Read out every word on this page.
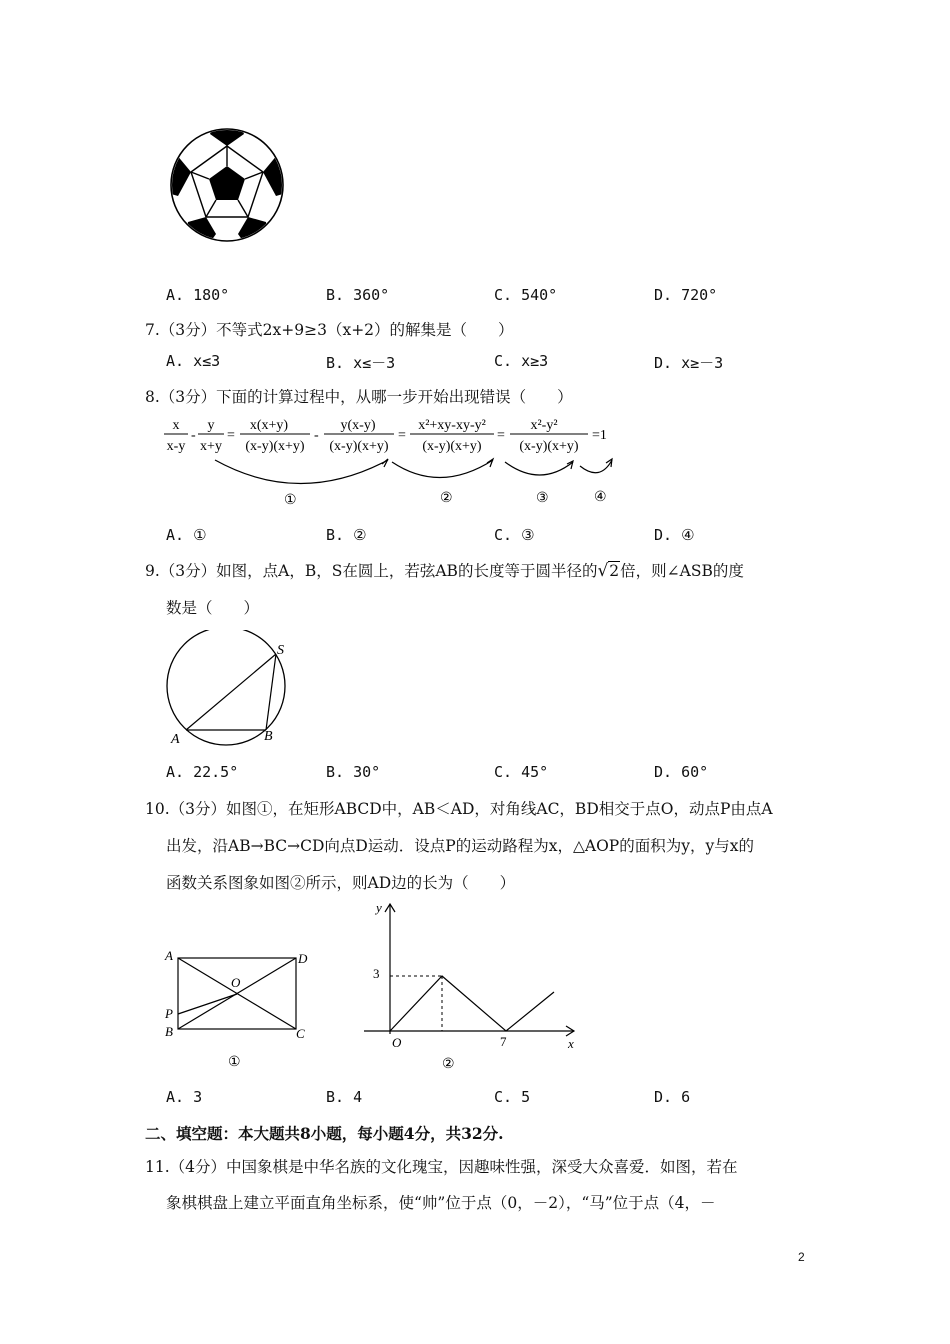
A. 180°	B. 360°	C. 540°	D. 720°
7.（3分）不等式2x+9≥3（x+2）的解集是（　　）
A. x≤3	B. x≤－3	C. x≥3	D. x≥－3
8.（3分）下面的计算过程中，从哪一步开始出现错误（　　）
x
x-y
-
y
x+y
=
x(x+y)
(x-y)(x+y)
-
y(x-y)
(x-y)(x+y)
=
x²+xy-xy-y²
(x-y)(x+y)
=
x²-y²
(x-y)(x+y)
=1
①	②	③	④
A. ①	B. ②	C. ③	D. ④
9.（3分）如图，点A，B，S在圆上，若弦AB的长度等于圆半径的√2倍，则∠ASB的度
数是（　　）
S
A	B
A. 22.5°	B. 30°	C. 45°	D. 60°
10.（3分）如图①，在矩形ABCD中，AB＜AD，对角线AC，BD相交于点O，动点P由点A
出发，沿AB→BC→CD向点D运动．设点P的运动路程为x，△AOP的面积为y，y与x的
函数关系图象如图②所示，则AD边的长为（　　）
A	D
O
P
B	C
①
y
x
O
3
7
②
A. 3	B. 4	C. 5	D. 6
二、填空题：本大题共8小题，每小题4分，共32分.
11.（4分）中国象棋是中华名族的文化瑰宝，因趣味性强，深受大众喜爱．如图，若在
象棋棋盘上建立平面直角坐标系，使“帅”位于点（0，－2），“马”位于点（4，－
2
